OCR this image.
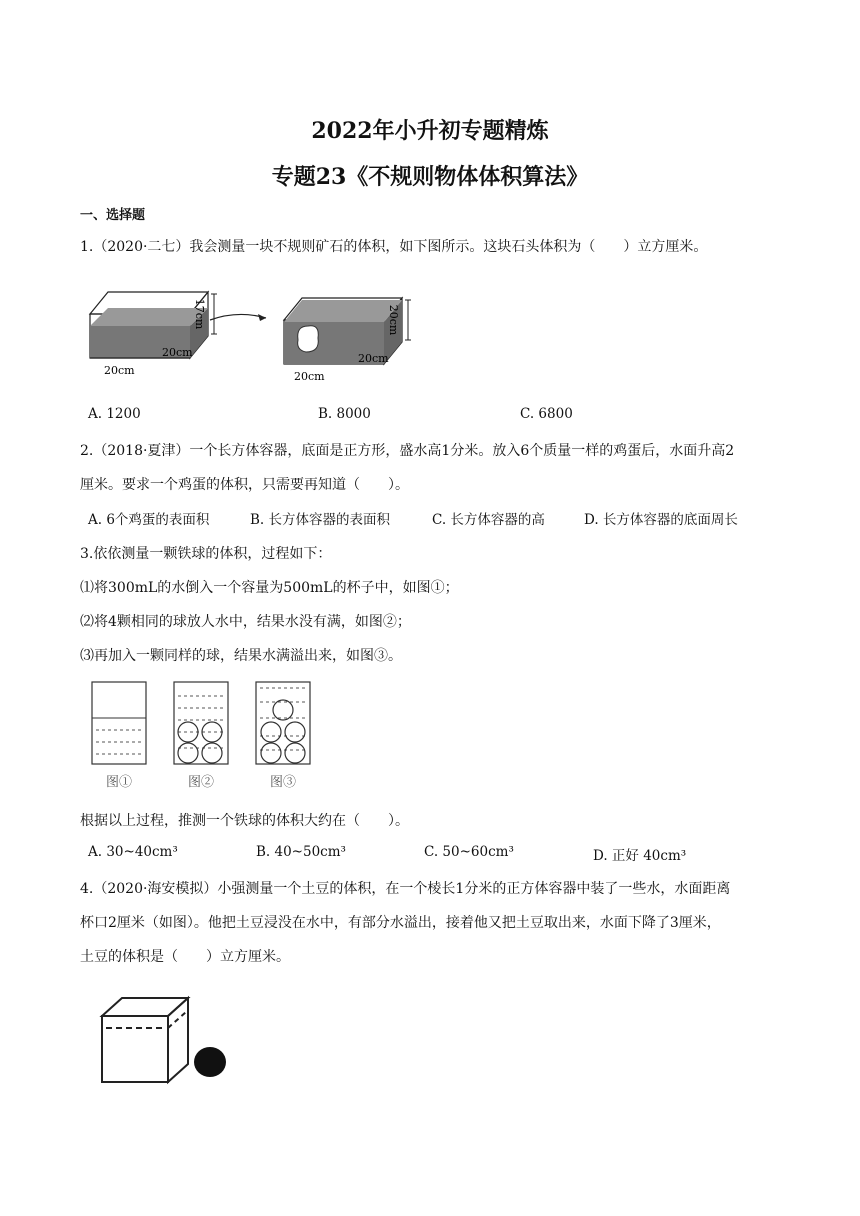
2022年小升初专题精炼
专题23《不规则物体体积算法》
一、选择题
1.（2020·二七）我会测量一块不规则矿石的体积，如下图所示。这块石头体积为（　　）立方厘米。
17cm
20cm
20cm
20cm
20cm
20cm
A. 1200	B. 8000	C. 6800
2.（2018·夏津）一个长方体容器，底面是正方形，盛水高1分米。放入6个质量一样的鸡蛋后，水面升高2
厘米。要求一个鸡蛋的体积，只需要再知道（　　）。
A. 6个鸡蛋的表面积	B. 长方体容器的表面积	C. 长方体容器的高	D. 长方体容器的底面周长
3.依依测量一颗铁球的体积，过程如下：
⑴将300mL的水倒入一个容量为500mL的杯子中，如图①；
⑵将4颗相同的球放人水中，结果水没有满，如图②；
⑶再加入一颗同样的球，结果水满溢出来，如图③。
图①	图②	图③
根据以上过程，推测一个铁球的体积大约在（　　）。
A. 30~40cm³	B. 40~50cm³	C. 50~60cm³	D. 正好 40cm³
4.（2020·海安模拟）小强测量一个土豆的体积，在一个棱长1分米的正方体容器中装了一些水，水面距离
杯口2厘米（如图）。他把土豆浸没在水中，有部分水溢出，接着他又把土豆取出来，水面下降了3厘米，
土豆的体积是（　　）立方厘米。
